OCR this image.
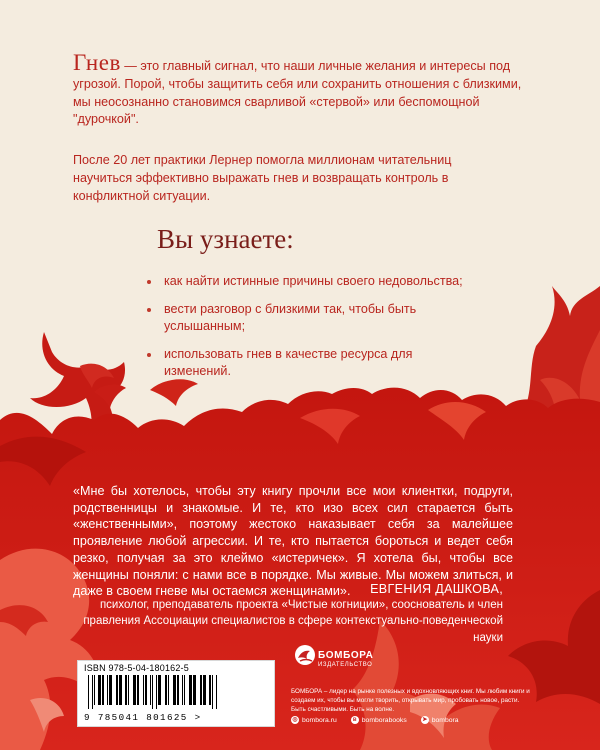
Гнев — это главный сигнал, что наши личные желания и интересы под угрозой. Порой, чтобы защитить себя или сохранить отношения с близкими, мы неосознанно становимся сварливой «стервой» или беспомощной "дурочкой".

После 20 лет практики Лернер помогла миллионам читательниц научиться эффективно выражать гнев и возвращать контроль в конфликтной ситуации.

Вы узнаете:
как найти истинные причины своего недовольства;
вести разговор с близкими так, чтобы быть услышанным;
использовать гнев в качестве ресурса для изменений.

«Мне бы хотелось, чтобы эту книгу прочли все мои клиентки, подруги, родственницы и знакомые. И те, кто изо всех сил старается быть «женственными», поэтому жестоко наказывает себя за малейшее проявление любой агрессии. И те, кто пытается бороться и ведет себя резко, получая за это клеймо «истеричек». Я хотела бы, чтобы все женщины поняли: с нами все в порядке. Мы живые. Мы можем злиться, и даже в своем гневе мы остаемся женщинами».	ЕВГЕНИЯ ДАШКОВА,

психолог, преподаватель проекта «Чистые когниции», сооснователь и член правления Ассоциации специалистов в сфере контекстуально-поведенческой науки

ISBN 978-5-04-180162-5
9 785041 801625 >
БОМБОРА
ИЗДАТЕЛЬСТВО

БОМБОРА – лидер на рынке полезных и вдохновляющих книг. Мы любим книги и создаем их, чтобы вы могли творить, открывать мир, пробовать новое, расти. Быть счастливыми. Быть на волне.

◎ bombora.ru	в bomborabooks	➤ bombora
